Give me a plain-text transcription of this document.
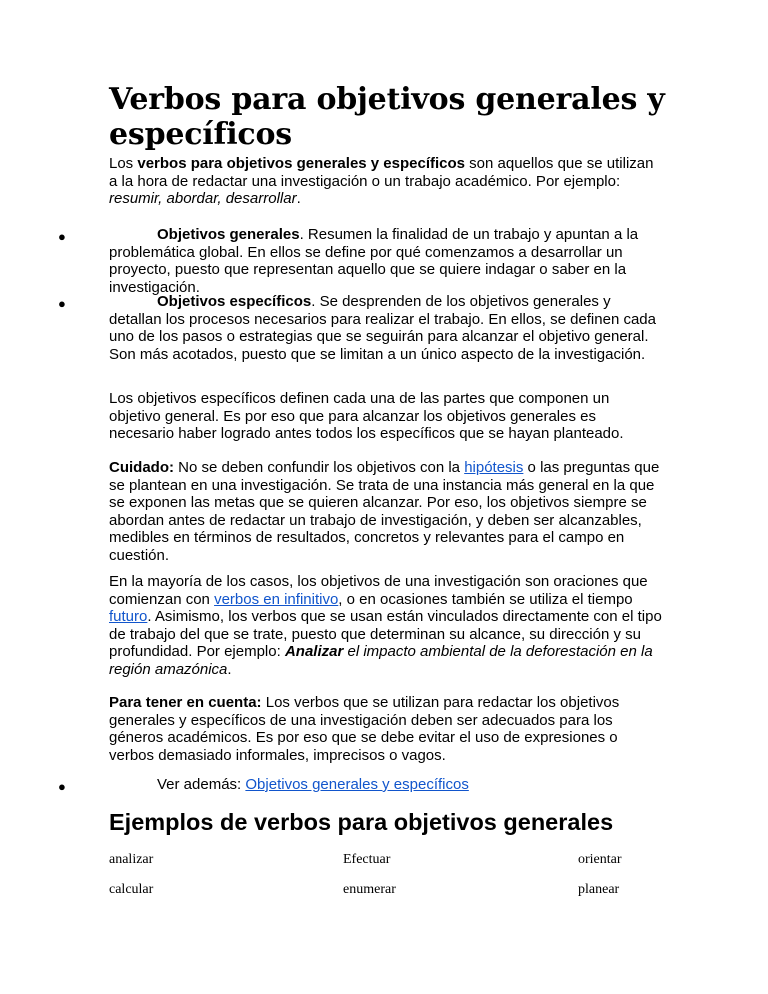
Verbos para objetivos generales y específicos

Los verbos para objetivos generales y específicos son aquellos que se utilizan a la hora de redactar una investigación o un trabajo académico. Por ejemplo: resumir, abordar, desarrollar.

●	Objetivos generales. Resumen la finalidad de un trabajo y apuntan a la problemática global. En ellos se define por qué comenzamos a desarrollar un proyecto, puesto que representan aquello que se quiere indagar o saber en la investigación.

●	Objetivos específicos. Se desprenden de los objetivos generales y detallan los procesos necesarios para realizar el trabajo. En ellos, se definen cada uno de los pasos o estrategias que se seguirán para alcanzar el objetivo general. Son más acotados, puesto que se limitan a un único aspecto de la investigación.

Los objetivos específicos definen cada una de las partes que componen un objetivo general. Es por eso que para alcanzar los objetivos generales es necesario haber logrado antes todos los específicos que se hayan planteado.

Cuidado: No se deben confundir los objetivos con la hipótesis o las preguntas que se plantean en una investigación. Se trata de una instancia más general en la que se exponen las metas que se quieren alcanzar. Por eso, los objetivos siempre se abordan antes de redactar un trabajo de investigación, y deben ser alcanzables, medibles en términos de resultados, concretos y relevantes para el campo en cuestión.

En la mayoría de los casos, los objetivos de una investigación son oraciones que comienzan con verbos en infinitivo, o en ocasiones también se utiliza el tiempo futuro. Asimismo, los verbos que se usan están vinculados directamente con el tipo de trabajo del que se trate, puesto que determinan su alcance, su dirección y su profundidad. Por ejemplo: Analizar el impacto ambiental de la deforestación en la región amazónica.

Para tener en cuenta: Los verbos que se utilizan para redactar los objetivos generales y específicos de una investigación deben ser adecuados para los géneros académicos. Es por eso que se debe evitar el uso de expresiones o verbos demasiado informales, imprecisos o vagos.

●	Ver además: Objetivos generales y específicos

Ejemplos de verbos para objetivos generales
analizar	Efectuar	orientar
calcular	enumerar	planear
